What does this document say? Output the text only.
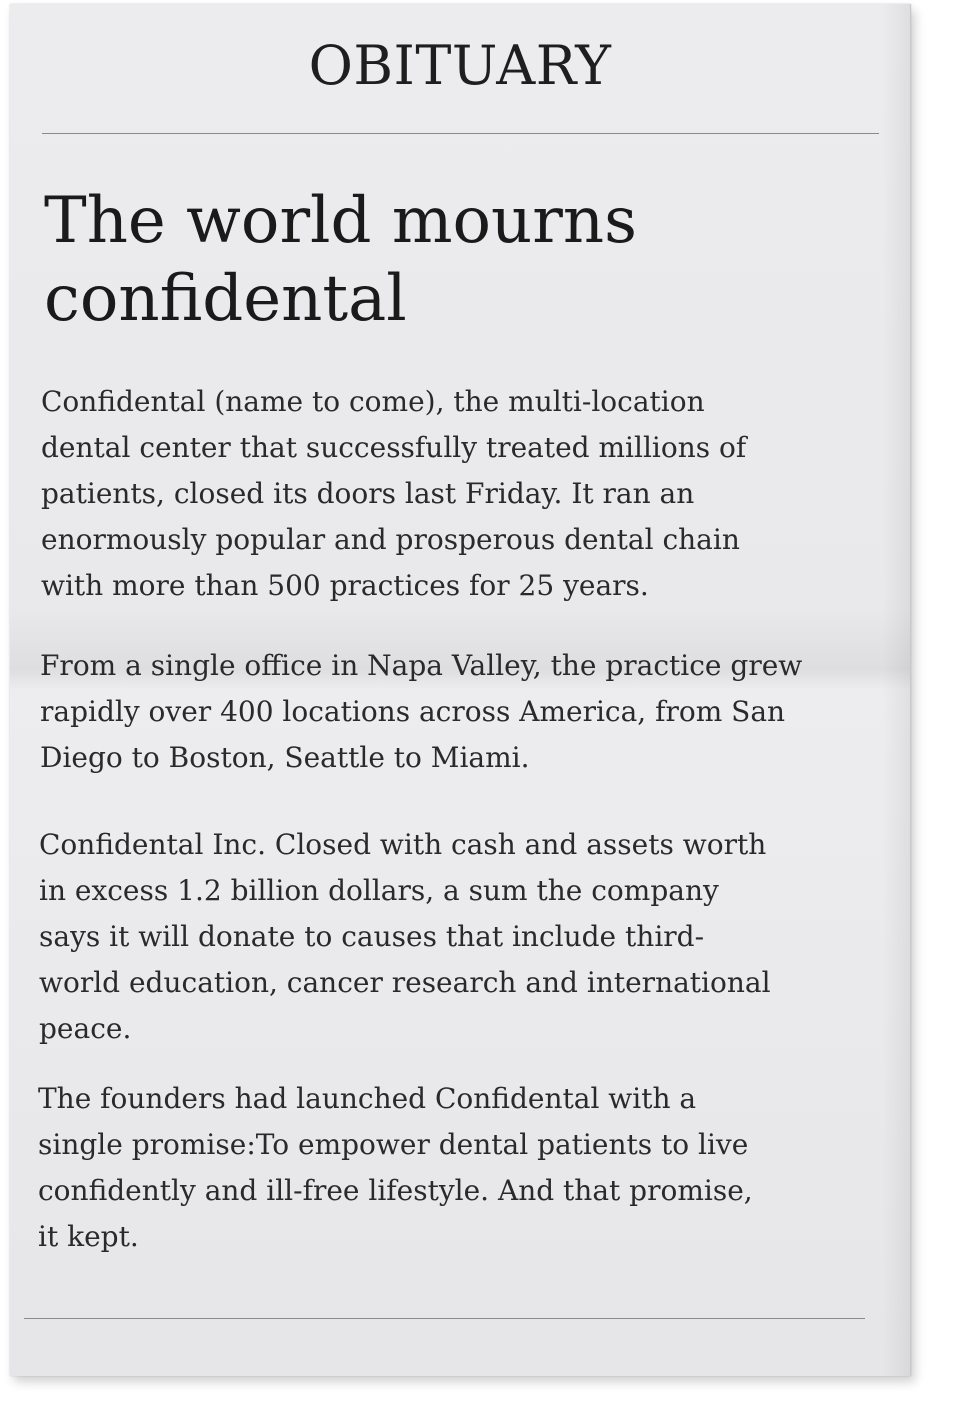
OBITUARY
The world mourns
confidental

Confidental (name to come), the multi-location
dental center that successfully treated millions of
patients, closed its doors last Friday. It ran an
enormously popular and prosperous dental chain
with more than 500 practices for 25 years.

From a single office in Napa Valley, the practice grew
rapidly over 400 locations across America, from San
Diego to Boston, Seattle to Miami.

Confidental Inc. Closed with cash and assets worth
in excess 1.2 billion dollars, a sum the company
says it will donate to causes that include third-
world education, cancer research and international
peace.

The founders had launched Confidental with a
single promise:To empower dental patients to live
confidently and ill-free lifestyle. And that promise,
it kept.
